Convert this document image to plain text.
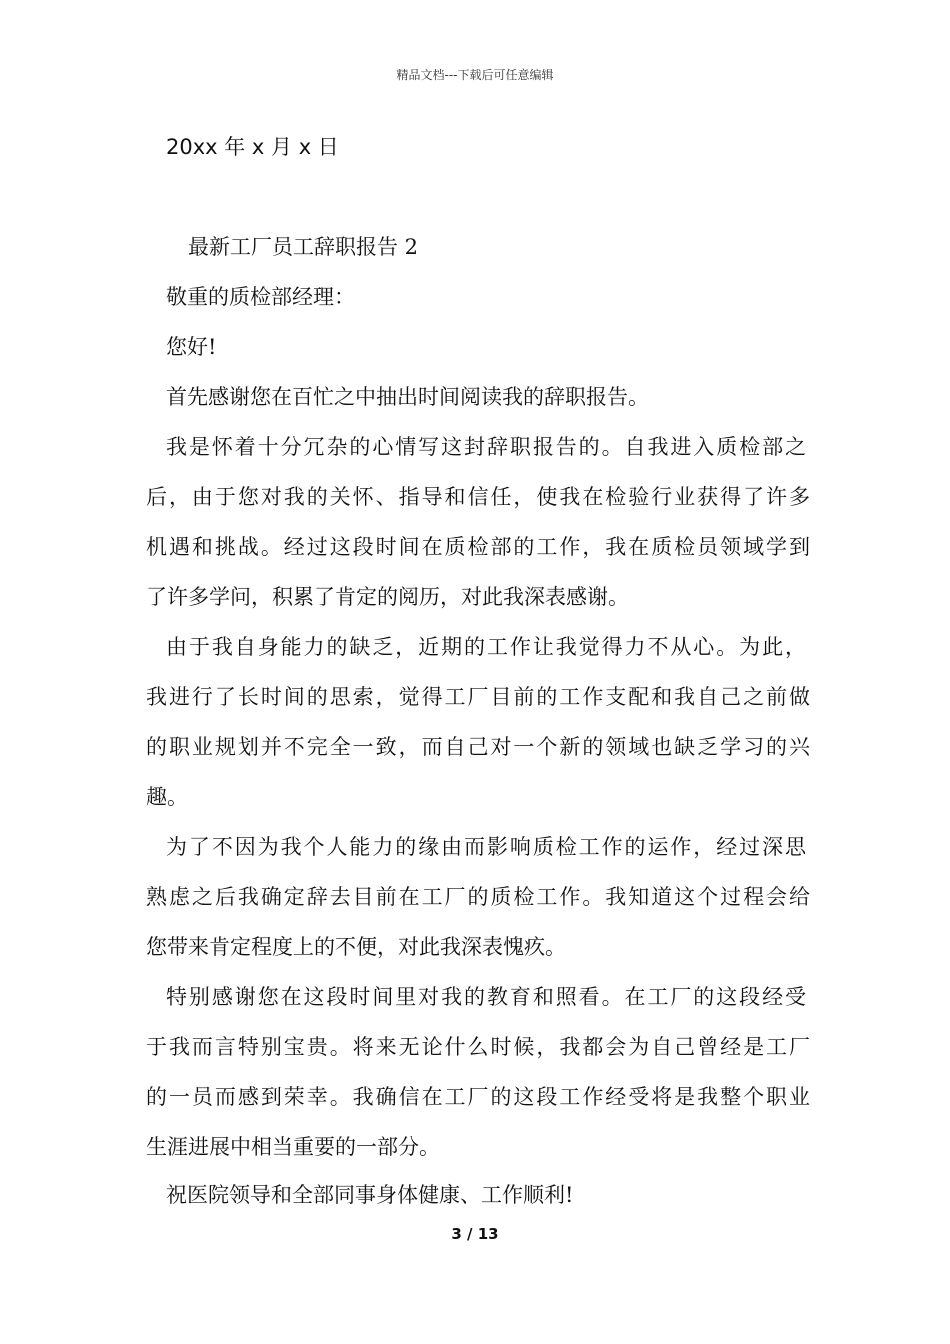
精品文档---下载后可任意编辑
20xx 年 x 月 x 日
最新工厂员工辞职报告 2
敬重的质检部经理：
您好!
首先感谢您在百忙之中抽出时间阅读我的辞职报告。
我是怀着十分冗杂的心情写这封辞职报告的。自我进入质检部之
后，由于您对我的关怀、指导和信任，使我在检验行业获得了许多
机遇和挑战。经过这段时间在质检部的工作，我在质检员领域学到
了许多学问，积累了肯定的阅历，对此我深表感谢。
由于我自身能力的缺乏，近期的工作让我觉得力不从心。为此，
我进行了长时间的思索，觉得工厂目前的工作支配和我自己之前做
的职业规划并不完全一致，而自己对一个新的领域也缺乏学习的兴
趣。
为了不因为我个人能力的缘由而影响质检工作的运作，经过深思
熟虑之后我确定辞去目前在工厂的质检工作。我知道这个过程会给
您带来肯定程度上的不便，对此我深表愧疚。
特别感谢您在这段时间里对我的教育和照看。在工厂的这段经受
于我而言特别宝贵。将来无论什么时候，我都会为自己曾经是工厂
的一员而感到荣幸。我确信在工厂的这段工作经受将是我整个职业
生涯进展中相当重要的一部分。
祝医院领导和全部同事身体健康、工作顺利!
3 / 13
